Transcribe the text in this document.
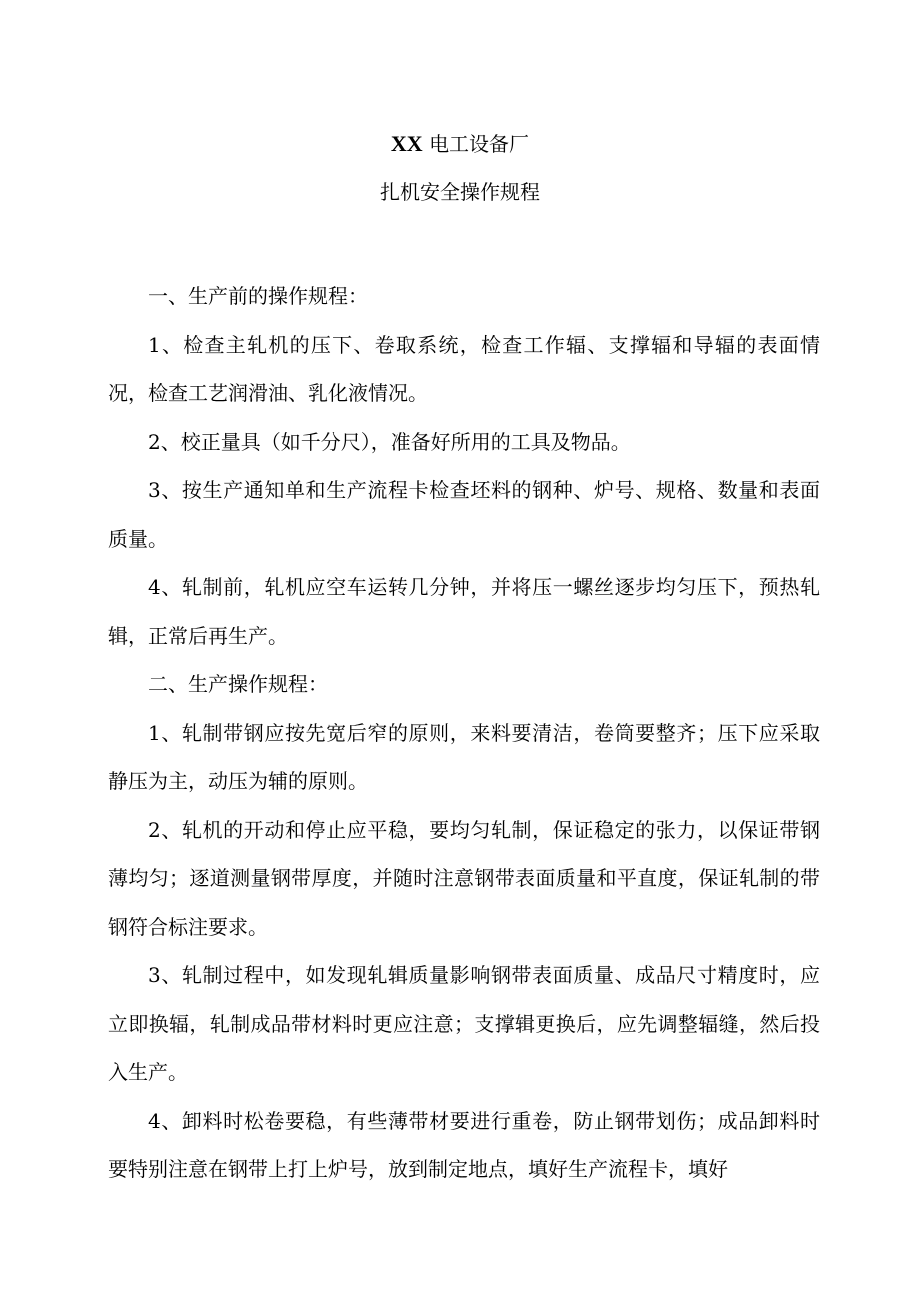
XX 电工设备厂
扎机安全操作规程

一、生产前的操作规程：

1、检查主轧机的压下、卷取系统，检查工作辐、支撑辐和导辐的表面情况，检查工艺润滑油、乳化液情况。

2、校正量具（如千分尺），准备好所用的工具及物品。

3、按生产通知单和生产流程卡检查坯料的钢种、炉号、规格、数量和表面质量。

4、轧制前，轧机应空车运转几分钟，并将压一螺丝逐步均匀压下，预热轧辑，正常后再生产。

二、生产操作规程：

1、轧制带钢应按先宽后窄的原则，来料要清洁，卷筒要整齐；压下应采取静压为主，动压为辅的原则。

2、轧机的开动和停止应平稳，要均匀轧制，保证稳定的张力，以保证带钢薄均匀；逐道测量钢带厚度，并随时注意钢带表面质量和平直度，保证轧制的带钢符合标注要求。

3、轧制过程中，如发现轧辑质量影响钢带表面质量、成品尺寸精度时，应立即换辐，轧制成品带材料时更应注意；支撑辑更换后，应先调整辐缝，然后投入生产。

4、卸料时松卷要稳，有些薄带材要进行重卷，防止钢带划伤；成品卸料时要特别注意在钢带上打上炉号，放到制定地点，填好生产流程卡，填好
